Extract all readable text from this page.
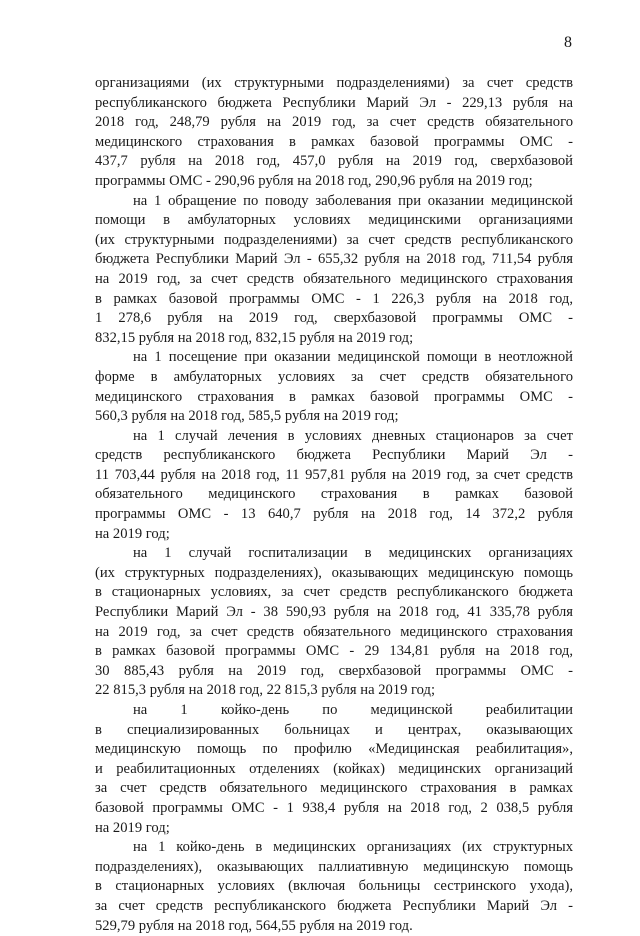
8
организациями (их структурными подразделениями) за счет средств
республиканского бюджета Республики Марий Эл - 229,13 рубля на
2018 год, 248,79 рубля на 2019 год, за счет средств обязательного
медицинского страхования в рамках базовой программы ОМС -
437,7 рубля на 2018 год, 457,0 рубля на 2019 год, сверхбазовой
программы ОМС - 290,96 рубля на 2018 год, 290,96 рубля на 2019 год;
на 1 обращение по поводу заболевания при оказании медицинской
помощи в амбулаторных условиях медицинскими организациями
(их структурными подразделениями) за счет средств республиканского
бюджета Республики Марий Эл - 655,32 рубля на 2018 год, 711,54 рубля
на 2019 год, за счет средств обязательного медицинского страхования
в рамках базовой программы ОМС - 1 226,3 рубля на 2018 год,
1 278,6 рубля на 2019 год, сверхбазовой программы ОМС -
832,15 рубля на 2018 год, 832,15 рубля на 2019 год;
на 1 посещение при оказании медицинской помощи в неотложной
форме в амбулаторных условиях за счет средств обязательного
медицинского страхования в рамках базовой программы ОМС -
560,3 рубля на 2018 год, 585,5 рубля на 2019 год;
на 1 случай лечения в условиях дневных стационаров за счет
средств республиканского бюджета Республики Марий Эл -
11 703,44 рубля на 2018 год, 11 957,81 рубля на 2019 год, за счет средств
обязательного медицинского страхования в рамках базовой
программы ОМС - 13 640,7 рубля на 2018 год, 14 372,2 рубля
на 2019 год;
на 1 случай госпитализации в медицинских организациях
(их структурных подразделениях), оказывающих медицинскую помощь
в стационарных условиях, за счет средств республиканского бюджета
Республики Марий Эл - 38 590,93 рубля на 2018 год, 41 335,78 рубля
на 2019 год, за счет средств обязательного медицинского страхования
в рамках базовой программы ОМС - 29 134,81 рубля на 2018 год,
30 885,43 рубля на 2019 год, сверхбазовой программы ОМС -
22 815,3 рубля на 2018 год, 22 815,3 рубля на 2019 год;
на 1 койко-день по медицинской реабилитации
в специализированных больницах и центрах, оказывающих
медицинскую помощь по профилю «Медицинская реабилитация»,
и реабилитационных отделениях (койках) медицинских организаций
за счет средств обязательного медицинского страхования в рамках
базовой программы ОМС - 1 938,4 рубля на 2018 год, 2 038,5 рубля
на 2019 год;
на 1 койко-день в медицинских организациях (их структурных
подразделениях), оказывающих паллиативную медицинскую помощь
в стационарных условиях (включая больницы сестринского ухода),
за счет средств республиканского бюджета Республики Марий Эл -
529,79 рубля на 2018 год, 564,55 рубля на 2019 год.
